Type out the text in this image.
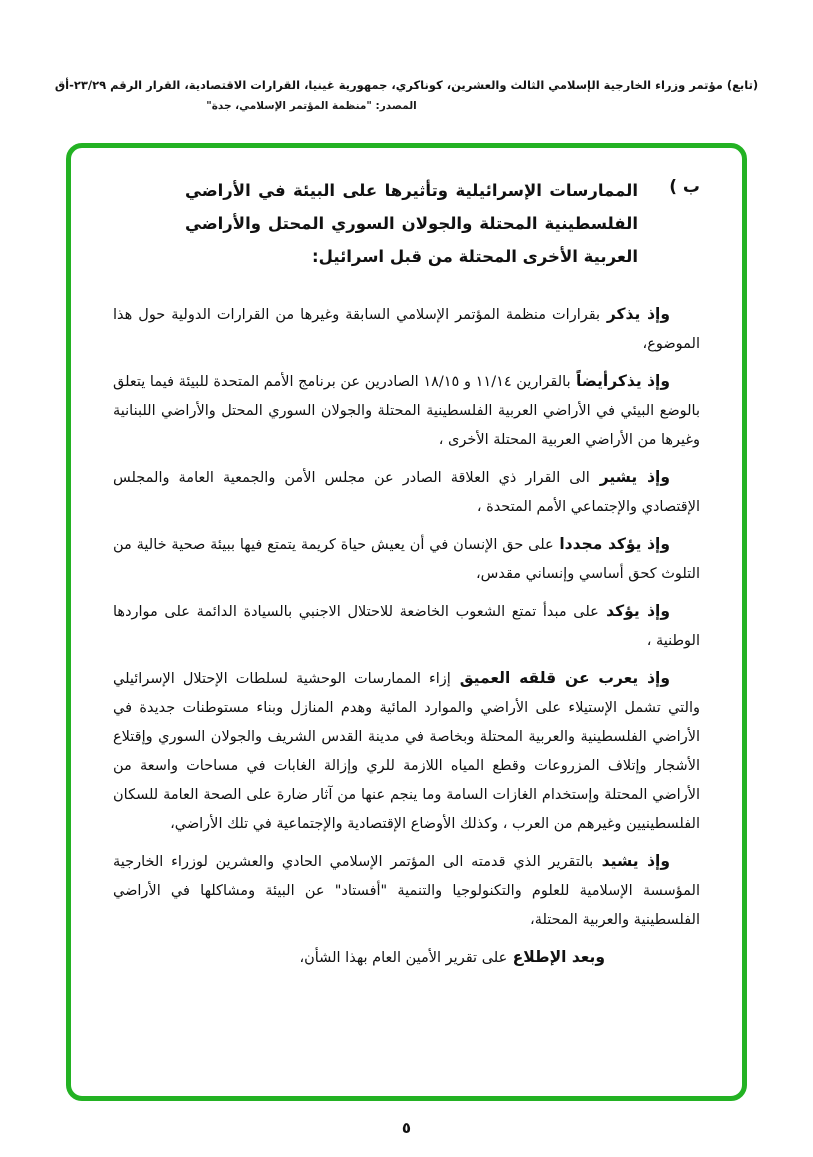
(تابع) مؤتمر وزراء الخارجية الإسلامي الثالث والعشرين، كوناكري، جمهورية غينيا، القرارات الاقتصادية، القرار الرقم ٢٣/٢٩-أق
المصدر: "منظمة المؤتمر الإسلامي، جدة"
ب )
الممارسات الإسرائيلية وتأثيرها على البيئة في الأراضي الفلسطينية المحتلة والجولان السوري المحتل والأراضي العربية الأخرى المحتلة من قبل اسرائيل:
وإذ يذكر بقرارات منظمة المؤتمر الإسلامي السابقة وغيرها من القرارات الدولية حول هذا الموضوع،
وإذ يذكرأيضاً بالقرارين ١١/١٤ و ١٨/١٥ الصادرين عن برنامج الأمم المتحدة للبيئة فيما يتعلق بالوضع البيئي في الأراضي العربية الفلسطينية المحتلة والجولان السوري المحتل والأراضي اللبنانية وغيرها من الأراضي العربية المحتلة الأخرى ،
وإذ يشير الى القرار ذي العلاقة الصادر عن مجلس الأمن والجمعية العامة والمجلس الإقتصادي والإجتماعي الأمم المتحدة ،
وإذ يؤكد مجددا على حق الإنسان في أن يعيش حياة كريمة يتمتع فيها ببيئة صحية خالية من التلوث كحق أساسي وإنساني مقدس،
وإذ يؤكد على مبدأ تمتع الشعوب الخاضعة للاحتلال الاجنبي بالسيادة الدائمة على مواردها الوطنية ،
وإذ يعرب عن قلقه العميق إزاء الممارسات الوحشية لسلطات الإحتلال الإسرائيلي والتي تشمل الإستيلاء على الأراضي والموارد المائية وهدم المنازل وبناء مستوطنات جديدة في الأراضي الفلسطينية والعربية المحتلة وبخاصة في مدينة القدس الشريف والجولان السوري وإقتلاع الأشجار وإتلاف المزروعات وقطع المياه اللازمة للري وإزالة الغابات في مساحات واسعة من الأراضي المحتلة وإستخدام الغازات السامة وما ينجم عنها من آثار ضارة على الصحة العامة للسكان الفلسطينيين وغيرهم من العرب ، وكذلك الأوضاع الإقتصادية والإجتماعية في تلك الأراضي،
وإذ يشيد بالتقرير الذي قدمته الى المؤتمر الإسلامي الحادي والعشرين لوزراء الخارجية المؤسسة الإسلامية للعلوم والتكنولوجيا والتنمية "أفستاد" عن البيئة ومشاكلها في الأراضي الفلسطينية والعربية المحتلة،
وبعد الإطلاع على تقرير الأمين العام بهذا الشأن،
٥
